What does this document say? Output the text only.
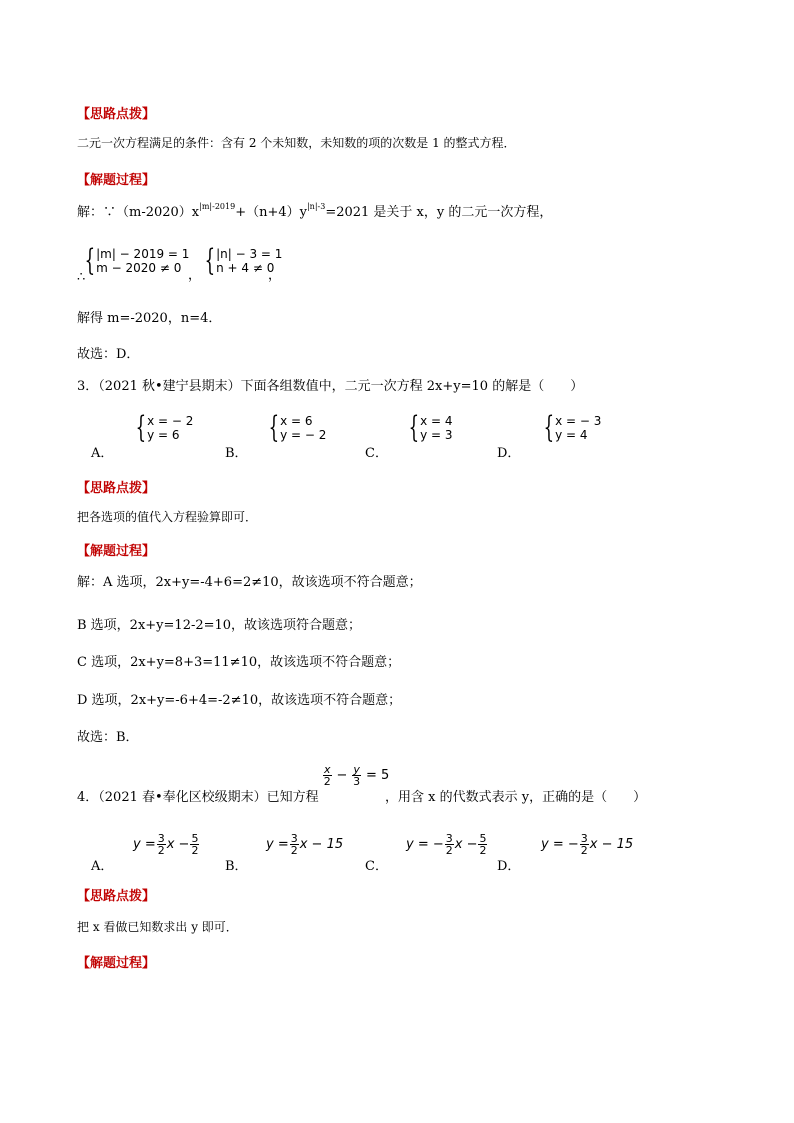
【思路点拨】
二元一次方程满足的条件：含有 2 个未知数，未知数的项的次数是 1 的整式方程．
【解题过程】
解：$\because(m-2020)x^{|m|-2019}+(n+4)y^{|n|-3}=2021$ 是关于 x，y 的二元一次方程，
∴ { |m| − 2019 = 1
m − 2020 ≠ 0 ， { |n| − 3 = 1
n + 4 ≠ 0
，
解得 m=-2020，n=4．
故选：D．
3．（2021 秋•建宁县期末）下面各组数值中，二元一次方程 2x+y=10 的解是（　　）
A．
{ x = − 2
y = 6
B．
{ x = 6
y = − 2
C．
{ x = 4
y = 3
D．
{ x = − 3
y = 4
【思路点拨】
把各选项的值代入方程验算即可．
【解题过程】
解：A 选项，2x+y=-4+6=2≠10，故该选项不符合题意；
B 选项，2x+y=12-2=10，故该选项符合题意；
C 选项，2x+y=8+3=11≠10，故该选项不符合题意；
D 选项，2x+y=-6+4=-2≠10，故该选项不符合题意；
故选：B．
4．（2021 春•奉化区校级期末）已知方程
$\frac{x}{2} - \frac{y}{3} = 5$
，用含 x 的代数式表示 y，正确的是（　　）
A．
$y = \frac{3}{2}$ $x - \frac{5}{2}$
B．
$y = \frac{3}{2}$ x − 15
C．
y = − $\frac{3}{2}$ $x - \frac{5}{2}$
D．
y = − $\frac{3}{2}$ x − 15
【思路点拨】
把 x 看做已知数求出 y 即可．
【解题过程】
